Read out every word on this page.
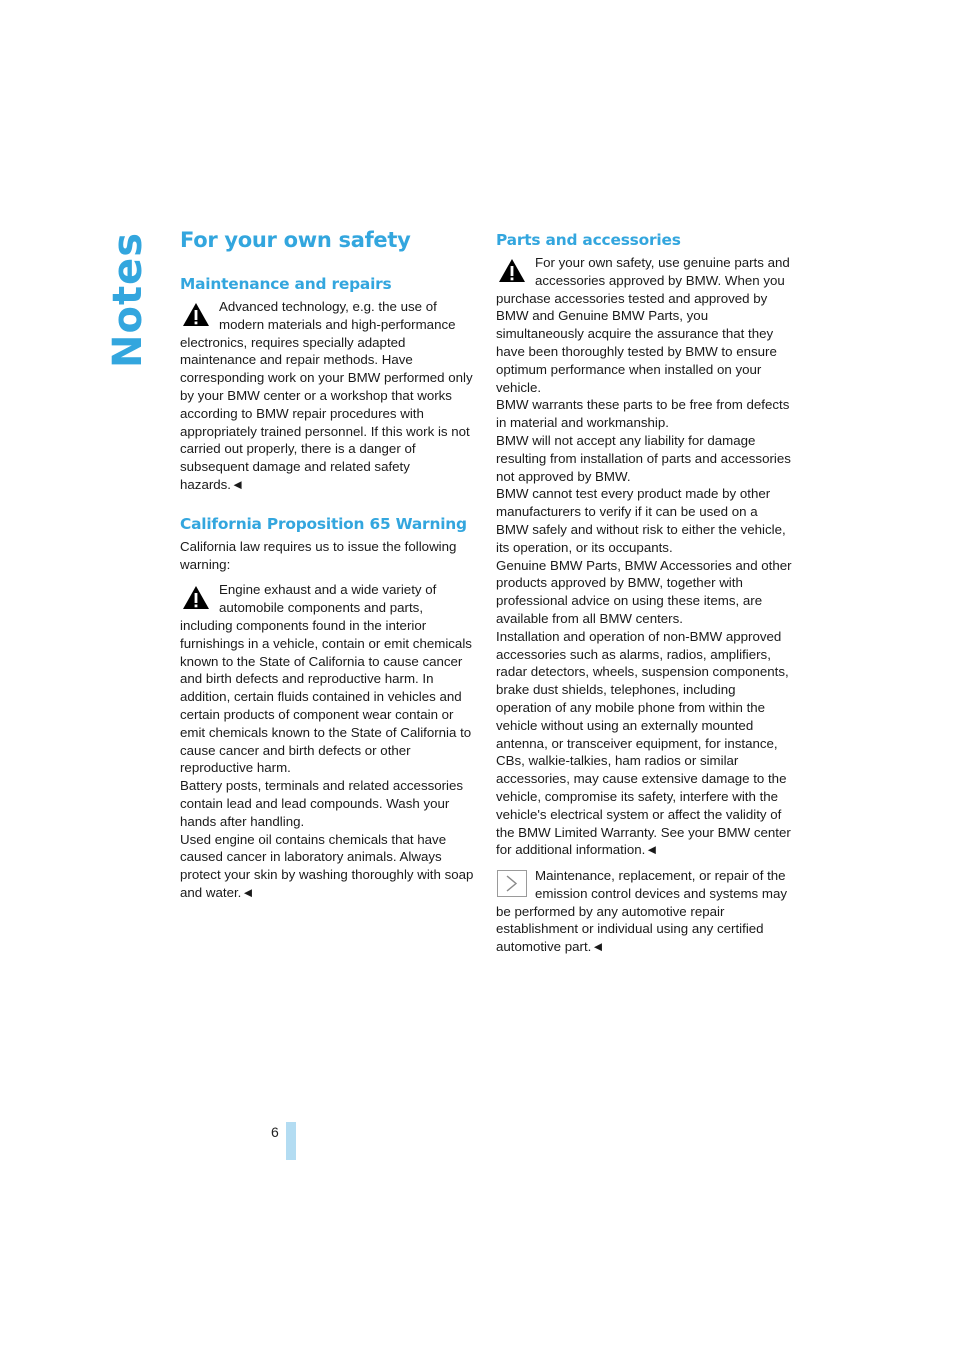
Notes For your own safety
Maintenance and repairs

Advanced technology, e.g. the use of modern materials and high-performance electronics, requires specially adapted maintenance and repair methods. Have corresponding work on your BMW performed only by your BMW center or a workshop that works according to BMW repair procedures with appropriately trained personnel. If this work is not carried out properly, there is a danger of subsequent damage and related safety hazards.◄

California Proposition 65 Warning

California law requires us to issue the following warning:

Engine exhaust and a wide variety of automobile components and parts, including components found in the interior furnishings in a vehicle, contain or emit chemicals known to the State of California to cause cancer and birth defects and reproductive harm. In addition, certain fluids contained in vehicles and certain products of component wear contain or emit chemicals known to the State of California to cause cancer and birth defects or other reproductive harm.

Battery posts, terminals and related accessories contain lead and lead compounds. Wash your hands after handling.

Used engine oil contains chemicals that have caused cancer in laboratory animals. Always protect your skin by washing thoroughly with soap and water.◄

Parts and accessories

For your own safety, use genuine parts and accessories approved by BMW. When you purchase accessories tested and approved by BMW and Genuine BMW Parts, you simultaneously acquire the assurance that they have been thoroughly tested by BMW to ensure optimum performance when installed on your vehicle.

BMW warrants these parts to be free from defects in material and workmanship.

BMW will not accept any liability for damage resulting from installation of parts and accessories not approved by BMW.

BMW cannot test every product made by other manufacturers to verify if it can be used on a BMW safely and without risk to either the vehicle, its operation, or its occupants.

Genuine BMW Parts, BMW Accessories and other products approved by BMW, together with professional advice on using these items, are available from all BMW centers.

Installation and operation of non-BMW approved accessories such as alarms, radios, amplifiers, radar detectors, wheels, suspension components, brake dust shields, telephones, including operation of any mobile phone from within the vehicle without using an externally mounted antenna, or transceiver equipment, for instance, CBs, walkie-talkies, ham radios or similar accessories, may cause extensive damage to the vehicle, compromise its safety, interfere with the vehicle's electrical system or affect the validity of the BMW Limited Warranty. See your BMW center for additional information.◄

Maintenance, replacement, or repair of the emission control devices and systems may be performed by any automotive repair establishment or individual using any certified automotive part.◄

6
